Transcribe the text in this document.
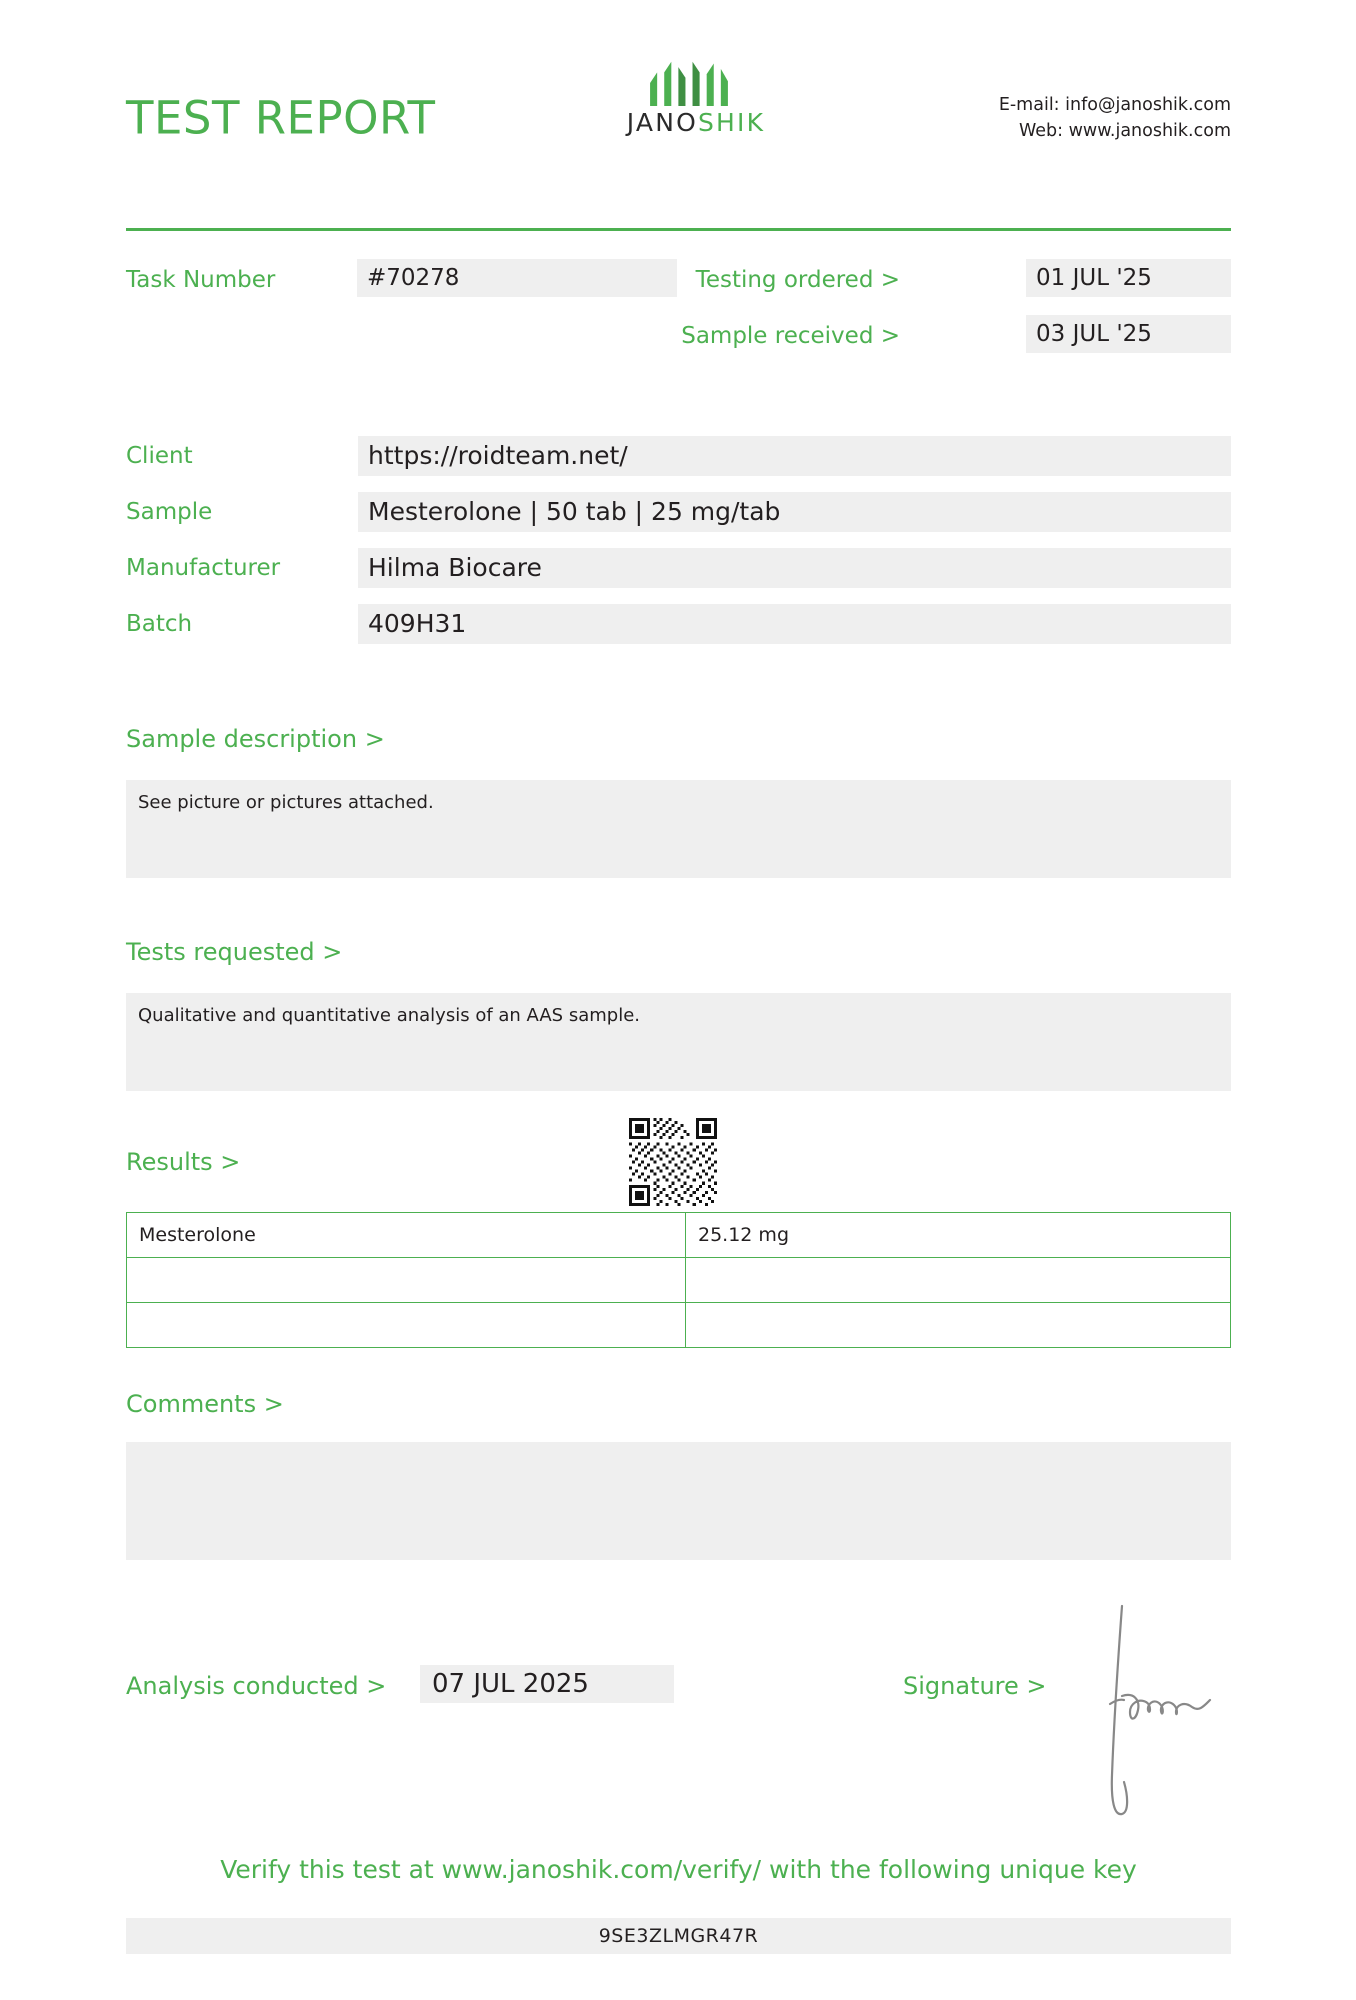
TEST REPORT	JANOSHIK
E-mail: info@janoshik.com
Web: www.janoshik.com
Task Number	#70278	Testing ordered >	01 JUL '25
Sample received >	03 JUL '25
Client	https://roidteam.net/
Sample	Mesterolone | 50 tab | 25 mg/tab
Manufacturer	Hilma Biocare
Batch	409H31
Sample description >
See picture or pictures attached.
Tests requested >
Qualitative and quantitative analysis of an AAS sample.
Results >
Mesterolone	25.12 mg

Comments >
Analysis conducted >	07 JUL 2025	Signature >
Verify this test at www.janoshik.com/verify/ with the following unique key
9SE3ZLMGR47R
